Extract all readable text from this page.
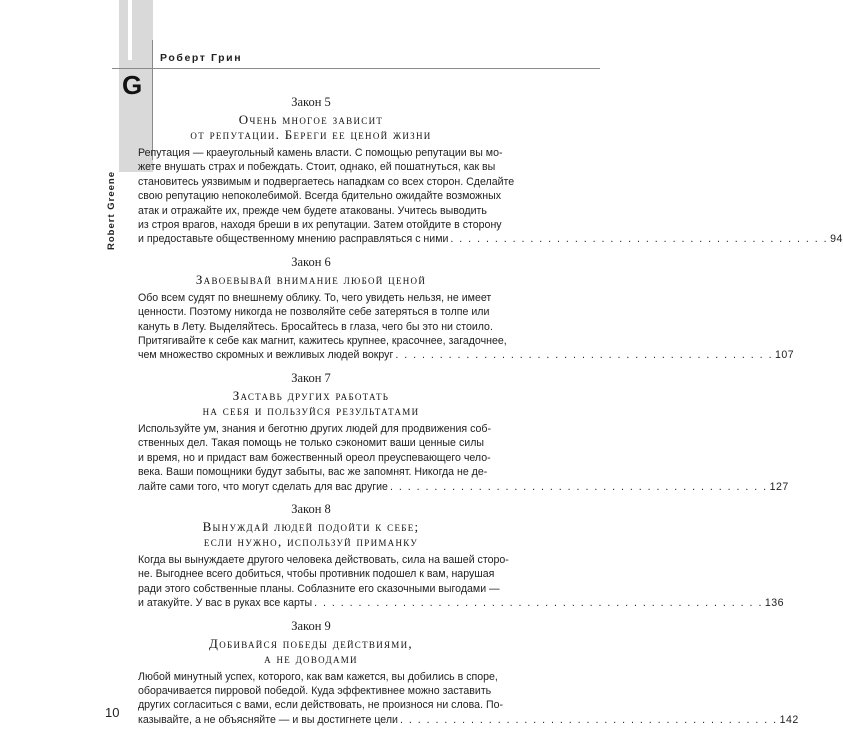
Роберт Грин
G
Robert Greene
Закон 5
Очень многое зависит
от репутации. Береги ее ценой жизни
Репутация — краеугольный камень власти. С помощью репутации вы мо-
жете внушать страх и побеждать. Стоит, однако, ей пошатнуться, как вы
становитесь уязвимым и подвергаетесь нападкам со всех сторон. Сделайте
свою репутацию непоколебимой. Всегда бдительно ожидайте возможных
атак и отражайте их, прежде чем будете атакованы. Учитесь выводить
из строя врагов, находя бреши в их репутации. Затем отойдите в сторону
и предоставьте общественному мнению расправляться с ними . . . . . . . . . . . . . . . . . . . . . . . . . . . . . . . . . . . . . . . . . . . 94
Закон 6
Завоевывай внимание любой ценой
Обо всем судят по внешнему облику. То, чего увидеть нельзя, не имеет
ценности. Поэтому никогда не позволяйте себе затеряться в толпе или
кануть в Лету. Выделяйтесь. Бросайтесь в глаза, чего бы это ни стоило.
Притягивайте к себе как магнит, кажитесь крупнее, красочнее, загадочнее,
чем множество скромных и вежливых людей вокруг . . . . . . . . . . . . . . . . . . . . . . . . . . . . . . . . . . . . . . . . . . . 107
Закон 7
Заставь других работать
на себя и пользуйся результатами
Используйте ум, знания и беготню других людей для продвижения соб-
ственных дел. Такая помощь не только сэкономит ваши ценные силы
и время, но и придаст вам божественный ореол преуспевающего чело-
века. Ваши помощники будут забыты, вас же запомнят. Никогда не де-
лайте сами того, что могут сделать для вас другие . . . . . . . . . . . . . . . . . . . . . . . . . . . . . . . . . . . . . . . . . . . 127
Закон 8
Вынуждай людей подойти к себе;
если нужно, используй приманку
Когда вы вынуждаете другого человека действовать, сила на вашей сторо-
не. Выгоднее всего добиться, чтобы противник подошел к вам, нарушая
ради этого собственные планы. Соблазните его сказочными выгодами —
и атакуйте. У вас в руках все карты . . . . . . . . . . . . . . . . . . . . . . . . . . . . . . . . . . . . . . . . . . . . . . . . . . . 136
Закон 9
Добивайся победы действиями,
а не доводами
Любой минутный успех, которого, как вам кажется, вы добились в споре,
оборачивается пирровой победой. Куда эффективнее можно заставить
других согласиться с вами, если действовать, не произнося ни слова. По-
казывайте, а не объясняйте — и вы достигнете цели . . . . . . . . . . . . . . . . . . . . . . . . . . . . . . . . . . . . . . . . . . . 142
10
